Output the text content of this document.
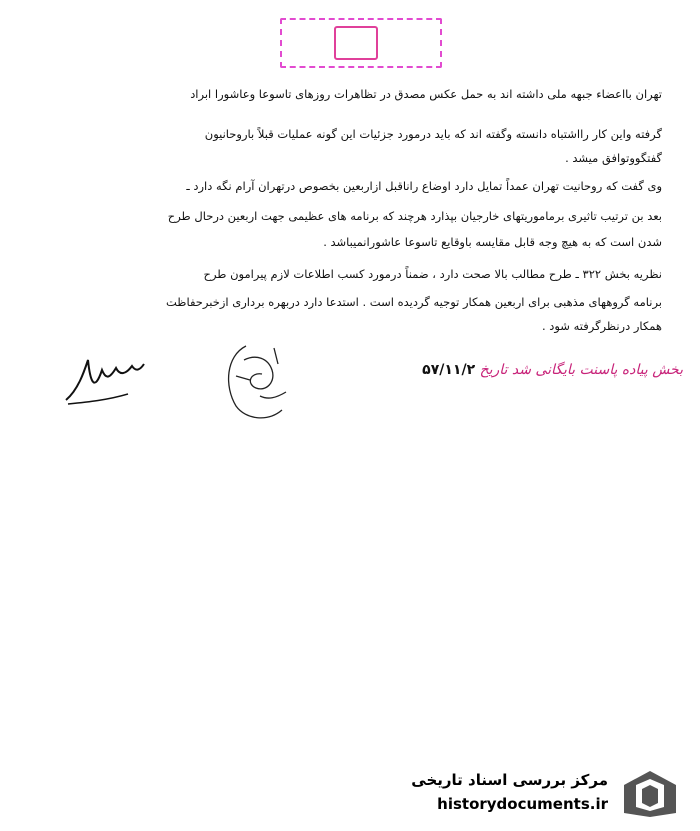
تهران بااعضاء جبهه ملی داشته اند به حمل عکس مصدق در تظاهرات روزهای تاسوعا وعاشورا ابراد
گرفته واین کار رااشتباه دانسته وگفته اند که باید درمورد جزئیات این گونه عملیات قبلاً باروحانیون
گفتگووتوافق میشد .
وی گفت که روحانیت تهران عمداً تمایل دارد اوضاع راناقبل ازاربعین بخصوص درتهران آرام نگه دارد ـ
بعد بن ترتیب تاثیری برماموریتهای خارجیان بپذارد هرچند که برنامه های عظیمی جهت اربعین درحال طرح
شدن است که به هیچ وجه قابل مقایسه باوقایع تاسوعا عاشورانمیباشد .
نظریه بخش ۳۲۲ ـ طرح مطالب بالا صحت دارد ، ضمناً درمورد کسب اطلاعات لازم پیرامون طرح
برنامه گروههای مذهبی برای اربعین همکار توجیه گردیده است . استدعا دارد دربهره برداری ازخبرحفاظت
همکار درنظرگرفته شود .
بخش پیاده پاسنت بایگانی شد تاریخ ۵۷/۱۱/۲
مرکز بررسی اسناد تاریخی
historydocuments.ir
